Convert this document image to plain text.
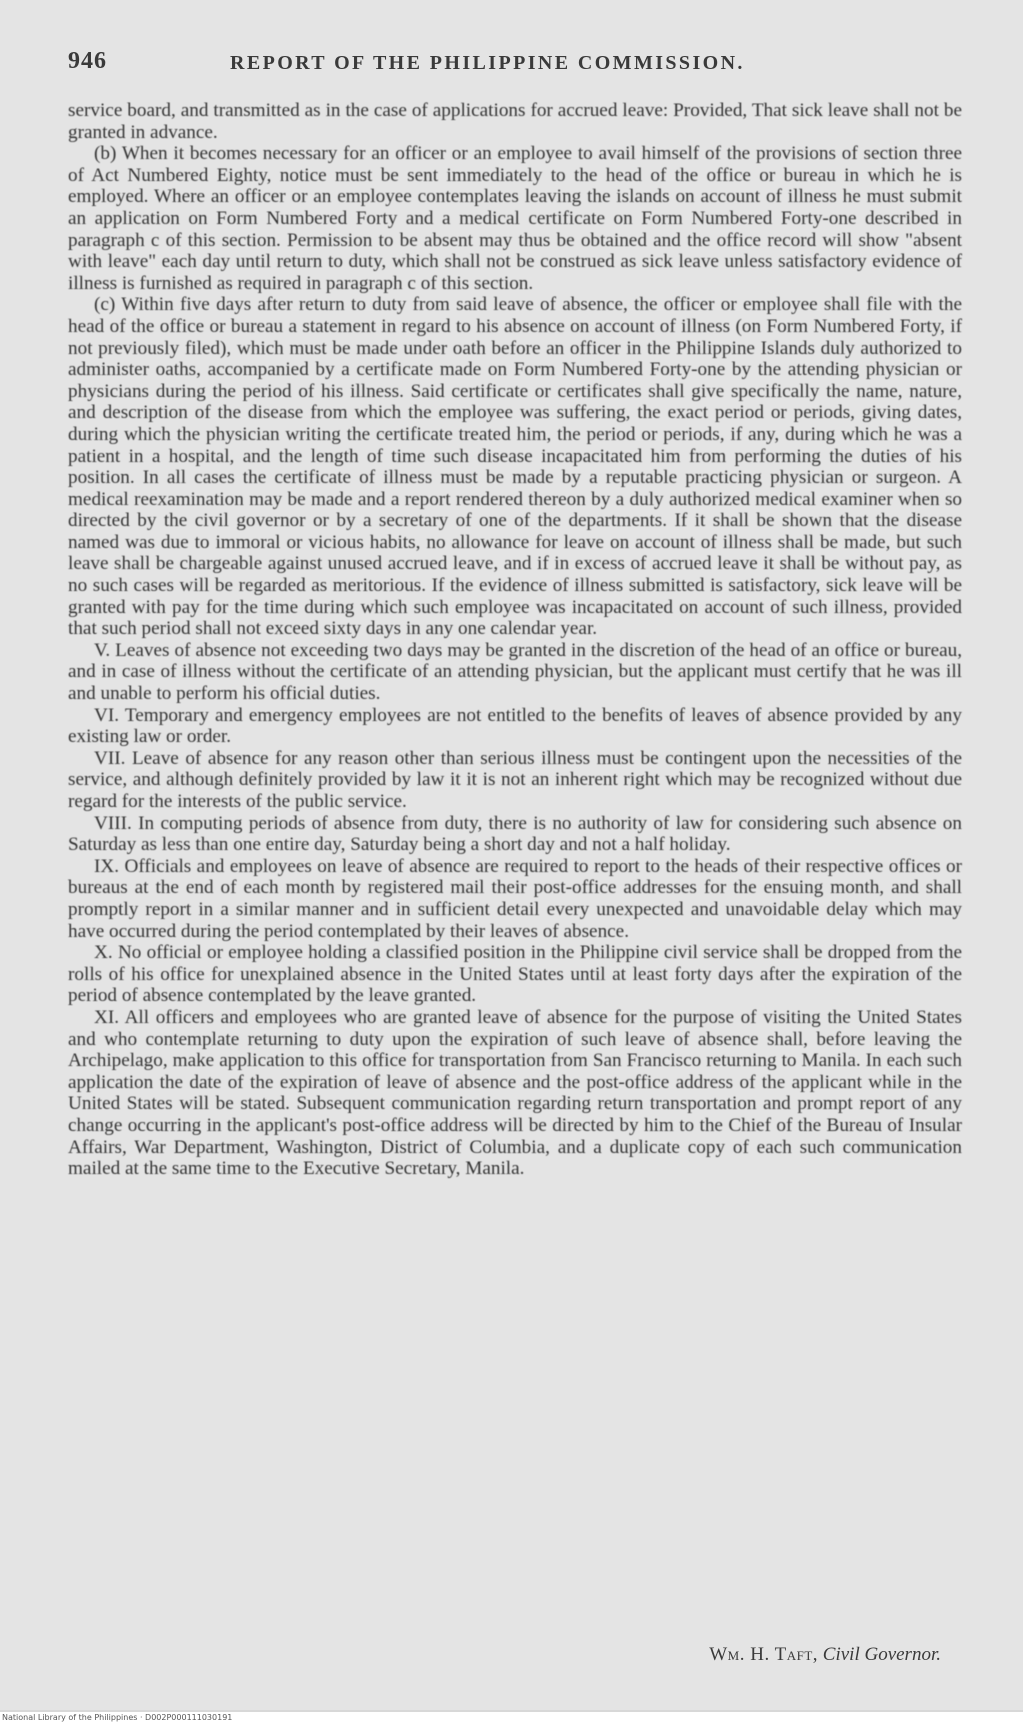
946	REPORT OF THE PHILIPPINE COMMISSION.

service board, and transmitted as in the case of applications for accrued leave: Provided, That sick leave shall not be granted in advance.

(b) When it becomes necessary for an officer or an employee to avail himself of the provisions of section three of Act Numbered Eighty, notice must be sent immediately to the head of the office or bureau in which he is employed. Where an officer or an employee contemplates leaving the islands on account of illness he must submit an application on Form Numbered Forty and a medical certificate on Form Numbered Forty-one described in paragraph c of this section. Permission to be absent may thus be obtained and the office record will show "absent with leave" each day until return to duty, which shall not be construed as sick leave unless satisfactory evidence of illness is furnished as required in paragraph c of this section.

(c) Within five days after return to duty from said leave of absence, the officer or employee shall file with the head of the office or bureau a statement in regard to his absence on account of illness (on Form Numbered Forty, if not previously filed), which must be made under oath before an officer in the Philippine Islands duly authorized to administer oaths, accompanied by a certificate made on Form Numbered Forty-one by the attending physician or physicians during the period of his illness. Said certificate or certificates shall give specifically the name, nature, and description of the disease from which the employee was suffering, the exact period or periods, giving dates, during which the physician writing the certificate treated him, the period or periods, if any, during which he was a patient in a hospital, and the length of time such disease incapacitated him from performing the duties of his position. In all cases the certificate of illness must be made by a reputable practicing physician or surgeon. A medical reexamination may be made and a report rendered thereon by a duly authorized medical examiner when so directed by the civil governor or by a secretary of one of the departments. If it shall be shown that the disease named was due to immoral or vicious habits, no allowance for leave on account of illness shall be made, but such leave shall be chargeable against unused accrued leave, and if in excess of accrued leave it shall be without pay, as no such cases will be regarded as meritorious. If the evidence of illness submitted is satisfactory, sick leave will be granted with pay for the time during which such employee was incapacitated on account of such illness, provided that such period shall not exceed sixty days in any one calendar year.

V. Leaves of absence not exceeding two days may be granted in the discretion of the head of an office or bureau, and in case of illness without the certificate of an attending physician, but the applicant must certify that he was ill and unable to perform his official duties.

VI. Temporary and emergency employees are not entitled to the benefits of leaves of absence provided by any existing law or order.

VII. Leave of absence for any reason other than serious illness must be contingent upon the necessities of the service, and although definitely provided by law it it is not an inherent right which may be recognized without due regard for the interests of the public service.

VIII. In computing periods of absence from duty, there is no authority of law for considering such absence on Saturday as less than one entire day, Saturday being a short day and not a half holiday.

IX. Officials and employees on leave of absence are required to report to the heads of their respective offices or bureaus at the end of each month by registered mail their post-office addresses for the ensuing month, and shall promptly report in a similar manner and in sufficient detail every unexpected and unavoidable delay which may have occurred during the period contemplated by their leaves of absence.

X. No official or employee holding a classified position in the Philippine civil service shall be dropped from the rolls of his office for unexplained absence in the United States until at least forty days after the expiration of the period of absence contemplated by the leave granted.

XI. All officers and employees who are granted leave of absence for the purpose of visiting the United States and who contemplate returning to duty upon the expiration of such leave of absence shall, before leaving the Archipelago, make application to this office for transportation from San Francisco returning to Manila. In each such application the date of the expiration of leave of absence and the post-office address of the applicant while in the United States will be stated. Subsequent communication regarding return transportation and prompt report of any change occurring in the applicant's post-office address will be directed by him to the Chief of the Bureau of Insular Affairs, War Department, Washington, District of Columbia, and a duplicate copy of each such communication mailed at the same time to the Executive Secretary, Manila.

Wm. H. Taft, Civil Governor.
National Library of the Philippines · D002P000111030191
